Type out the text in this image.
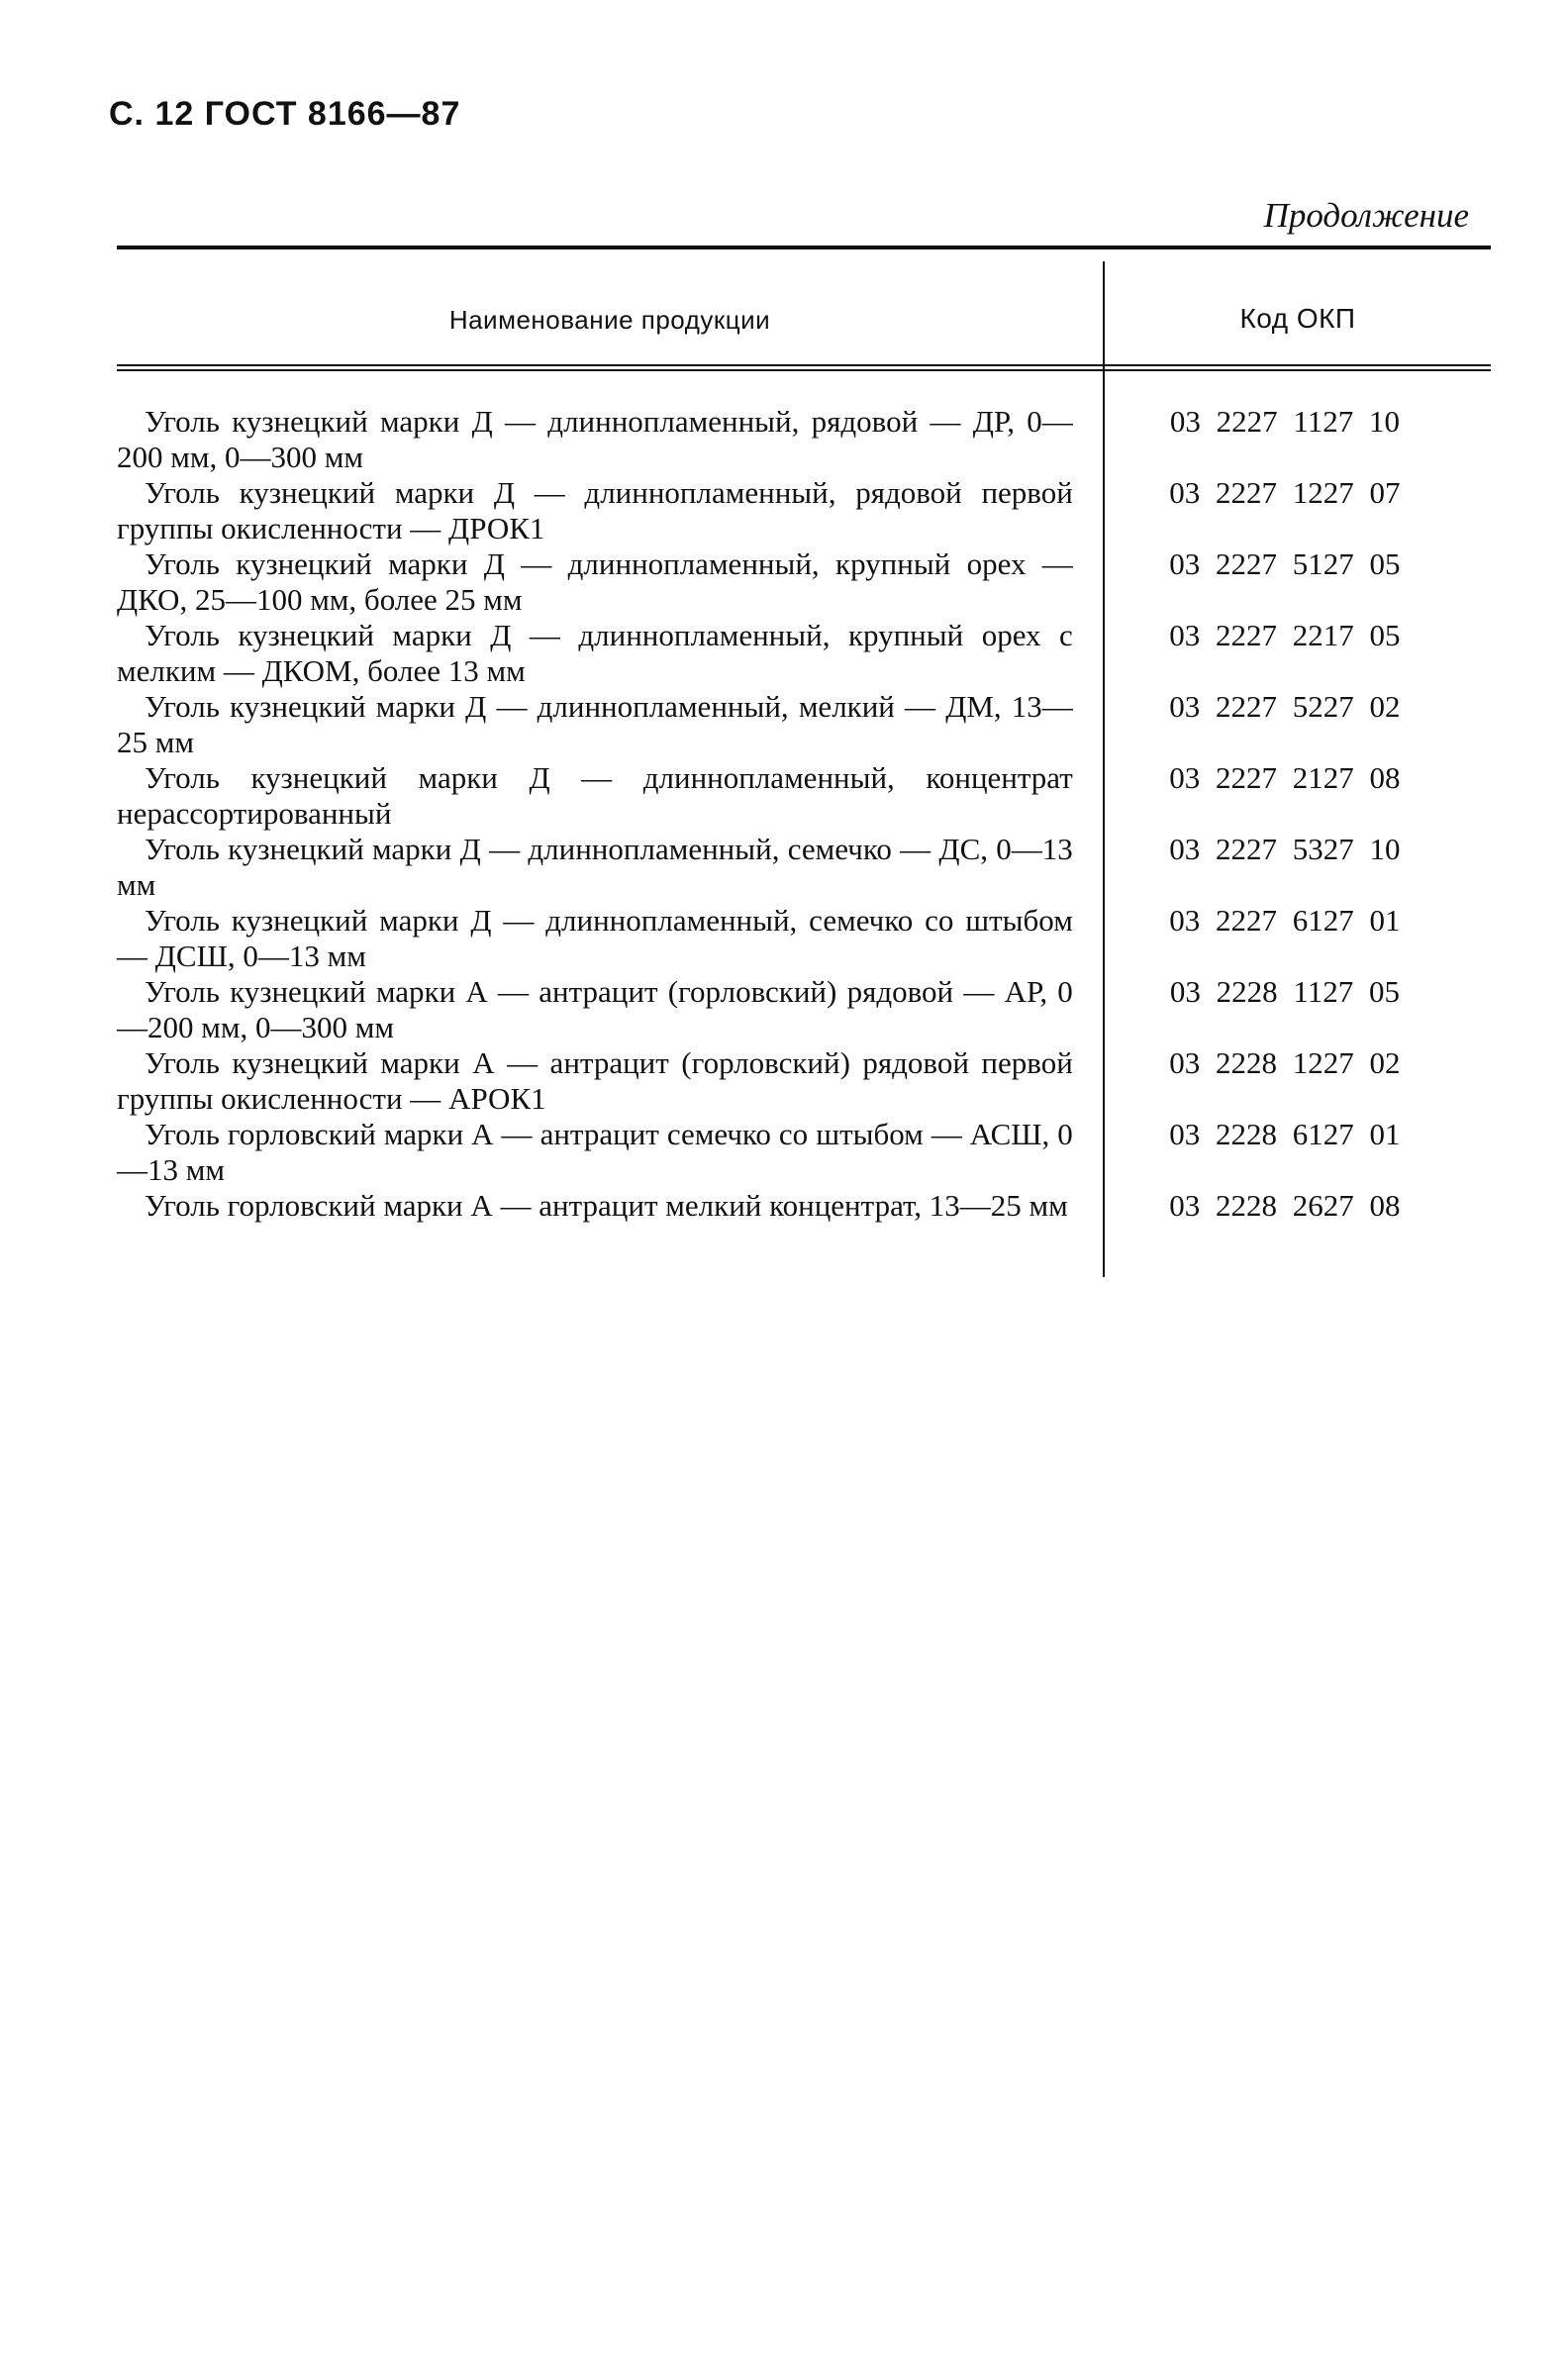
С. 12 ГОСТ 8166—87
Продолжение
Наименование продукции	Код ОКП
Уголь кузнецкий марки Д — длиннопламенный, рядовой — ДР, 0—200 мм, 0—300 мм
03 2227 1127 10
Уголь кузнецкий марки Д — длиннопламенный, рядовой первой группы окисленности — ДРОК1
03 2227 1227 07
Уголь кузнецкий марки Д — длиннопламенный, крупный орех — ДКО, 25—100 мм, более 25 мм
03 2227 5127 05
Уголь кузнецкий марки Д — длиннопламенный, крупный орех с мелким — ДКОМ, более 13 мм
03 2227 2217 05
Уголь кузнецкий марки Д — длиннопламенный, мелкий — ДМ, 13—25 мм
03 2227 5227 02
Уголь кузнецкий марки Д — длиннопламенный, концентрат нерассортированный
03 2227 2127 08
Уголь кузнецкий марки Д — длиннопламенный, семечко — ДС, 0—13 мм
03 2227 5327 10
Уголь кузнецкий марки Д — длиннопламенный, семечко со штыбом — ДСШ, 0—13 мм
03 2227 6127 01
Уголь кузнецкий марки А — антрацит (горловский) рядовой — АР, 0—200 мм, 0—300 мм
03 2228 1127 05
Уголь кузнецкий марки А — антрацит (горловский) рядовой первой группы окисленности — АРОК1
03 2228 1227 02
Уголь горловский марки А — антрацит семечко со штыбом — АСШ, 0—13 мм
03 2228 6127 01
Уголь горловский марки А — антрацит мелкий концентрат, 13—25 мм	03 2228 2627 08
